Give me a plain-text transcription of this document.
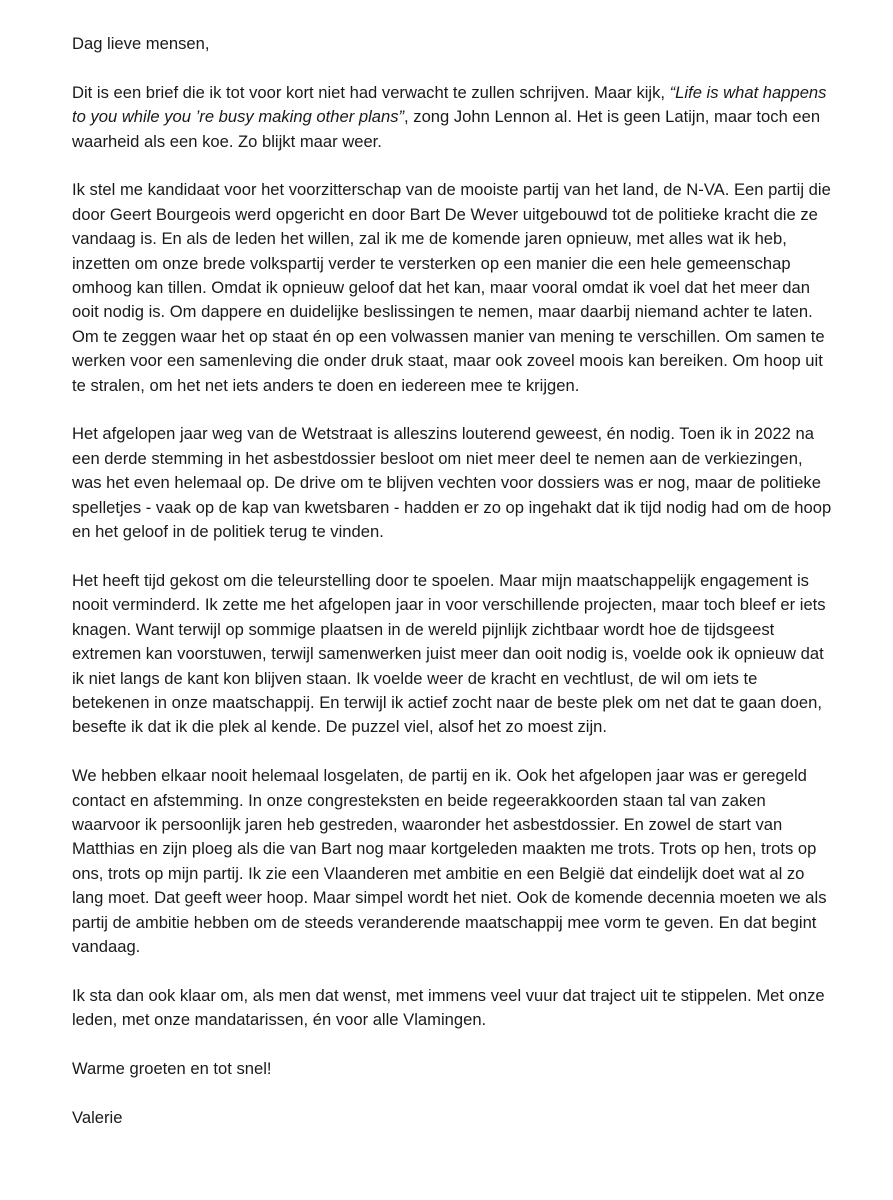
Dag lieve mensen,

Dit is een brief die ik tot voor kort niet had verwacht te zullen schrijven. Maar kijk, “Life is what happens to you while you ’re busy making other plans”, zong John Lennon al. Het is geen Latijn, maar toch een waarheid als een koe. Zo blijkt maar weer.

Ik stel me kandidaat voor het voorzitterschap van de mooiste partij van het land, de N-VA. Een partij die door Geert Bourgeois werd opgericht en door Bart De Wever uitgebouwd tot de politieke kracht die ze vandaag is. En als de leden het willen, zal ik me de komende jaren opnieuw, met alles wat ik heb, inzetten om onze brede volkspartij verder te versterken op een manier die een hele gemeenschap omhoog kan tillen. Omdat ik opnieuw geloof dat het kan, maar vooral omdat ik voel dat het meer dan ooit nodig is. Om dappere en duidelijke beslissingen te nemen, maar daarbij niemand achter te laten. Om te zeggen waar het op staat én op een volwassen manier van mening te verschillen. Om samen te werken voor een samenleving die onder druk staat, maar ook zoveel moois kan bereiken. Om hoop uit te stralen, om het net iets anders te doen en iedereen mee te krijgen.

Het afgelopen jaar weg van de Wetstraat is alleszins louterend geweest, én nodig. Toen ik in 2022 na een derde stemming in het asbestdossier besloot om niet meer deel te nemen aan de verkiezingen, was het even helemaal op. De drive om te blijven vechten voor dossiers was er nog, maar de politieke spelletjes - vaak op de kap van kwetsbaren - hadden er zo op ingehakt dat ik tijd nodig had om de hoop en het geloof in de politiek terug te vinden.

Het heeft tijd gekost om die teleurstelling door te spoelen. Maar mijn maatschappelijk engagement is nooit verminderd. Ik zette me het afgelopen jaar in voor verschillende projecten, maar toch bleef er iets knagen. Want terwijl op sommige plaatsen in de wereld pijnlijk zichtbaar wordt hoe de tijdsgeest extremen kan voorstuwen, terwijl samenwerken juist meer dan ooit nodig is, voelde ook ik opnieuw dat ik niet langs de kant kon blijven staan. Ik voelde weer de kracht en vechtlust, de wil om iets te betekenen in onze maatschappij. En terwijl ik actief zocht naar de beste plek om net dat te gaan doen, besefte ik dat ik die plek al kende. De puzzel viel, alsof het zo moest zijn.

We hebben elkaar nooit helemaal losgelaten, de partij en ik. Ook het afgelopen jaar was er geregeld contact en afstemming. In onze congresteksten en beide regeerakkoorden staan tal van zaken waarvoor ik persoonlijk jaren heb gestreden, waaronder het asbestdossier. En zowel de start van Matthias en zijn ploeg als die van Bart nog maar kortgeleden maakten me trots. Trots op hen, trots op ons, trots op mijn partij. Ik zie een Vlaanderen met ambitie en een België dat eindelijk doet wat al zo lang moet. Dat geeft weer hoop. Maar simpel wordt het niet. Ook de komende decennia moeten we als partij de ambitie hebben om de steeds veranderende maatschappij mee vorm te geven. En dat begint vandaag.

Ik sta dan ook klaar om, als men dat wenst, met immens veel vuur dat traject uit te stippelen. Met onze leden, met onze mandatarissen, én voor alle Vlamingen.

Warme groeten en tot snel!

Valerie
